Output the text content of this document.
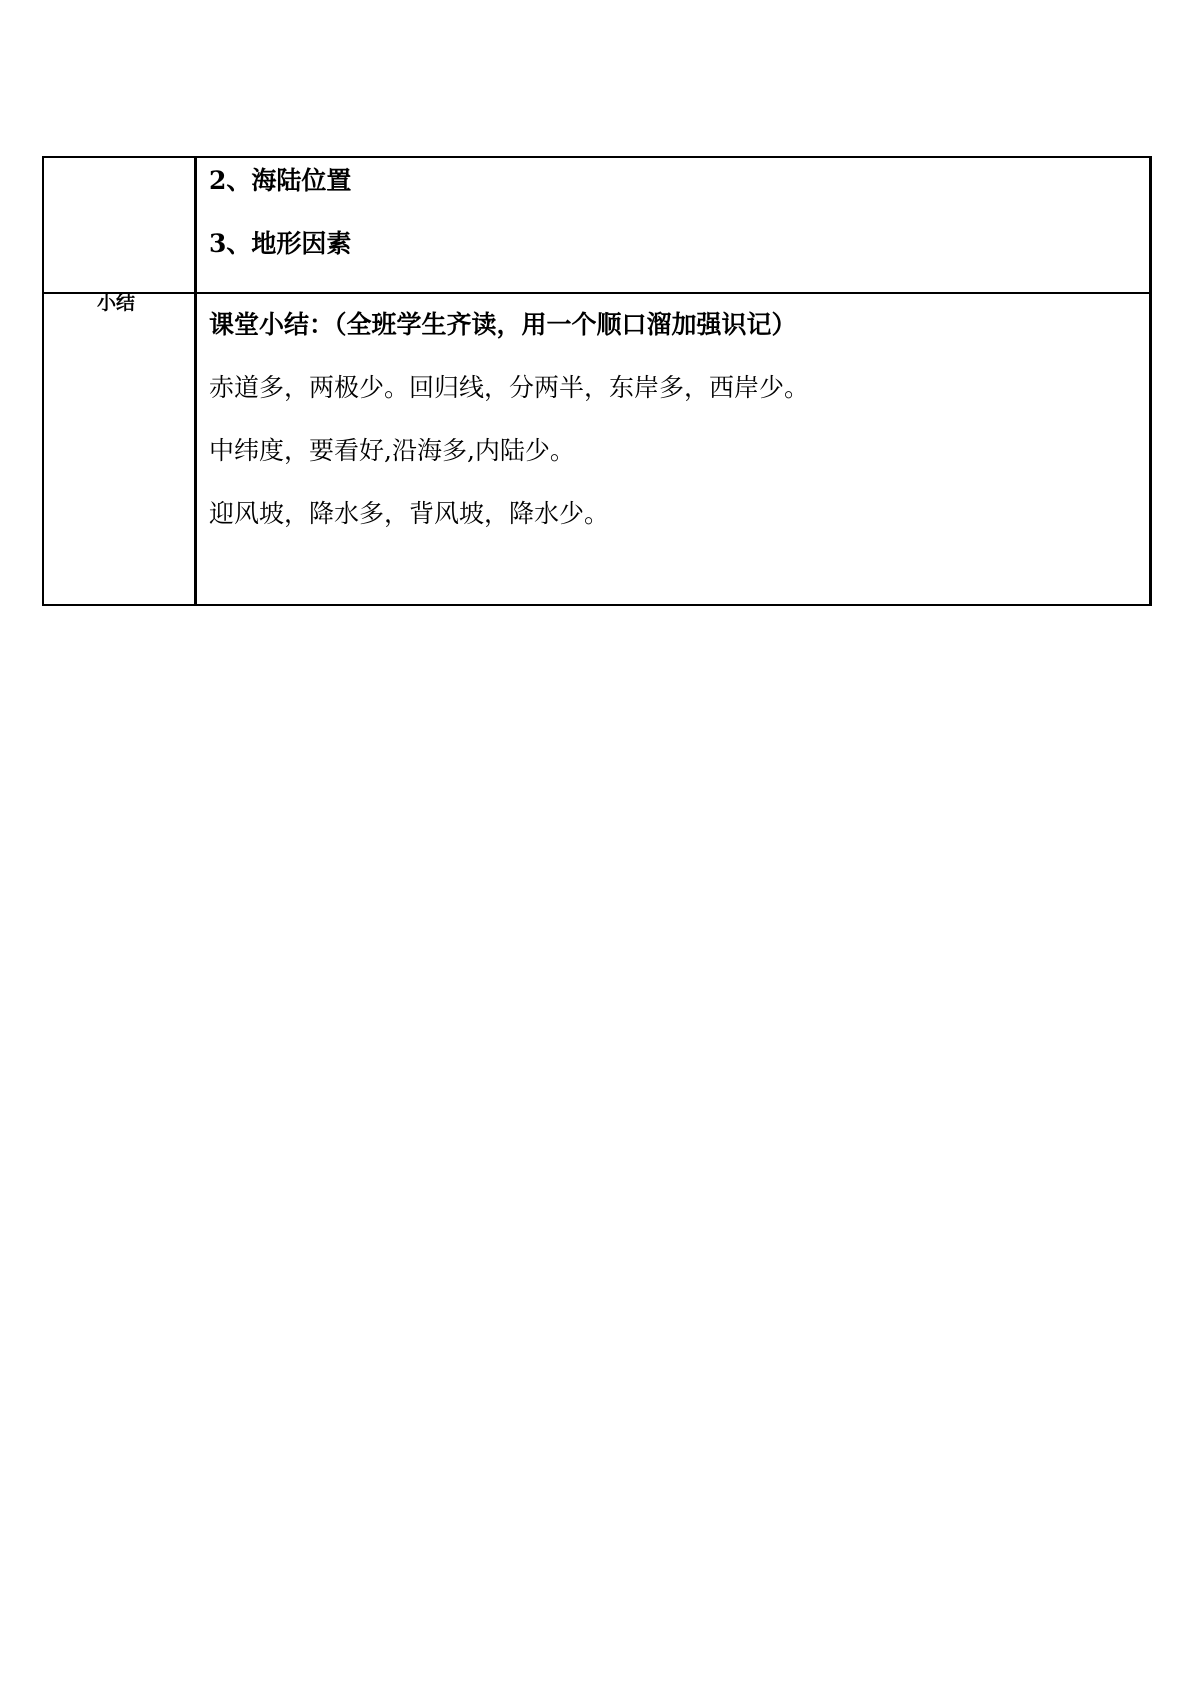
	2、海陆位置
3、地形因素

小结	课堂小结：（全班学生齐读，用一个顺口溜加强识记）
赤道多，两极少。回归线，分两半，东岸多，西岸少。
中纬度，要看好,沿海多,内陆少。
迎风坡，降水多，背风坡，降水少。
